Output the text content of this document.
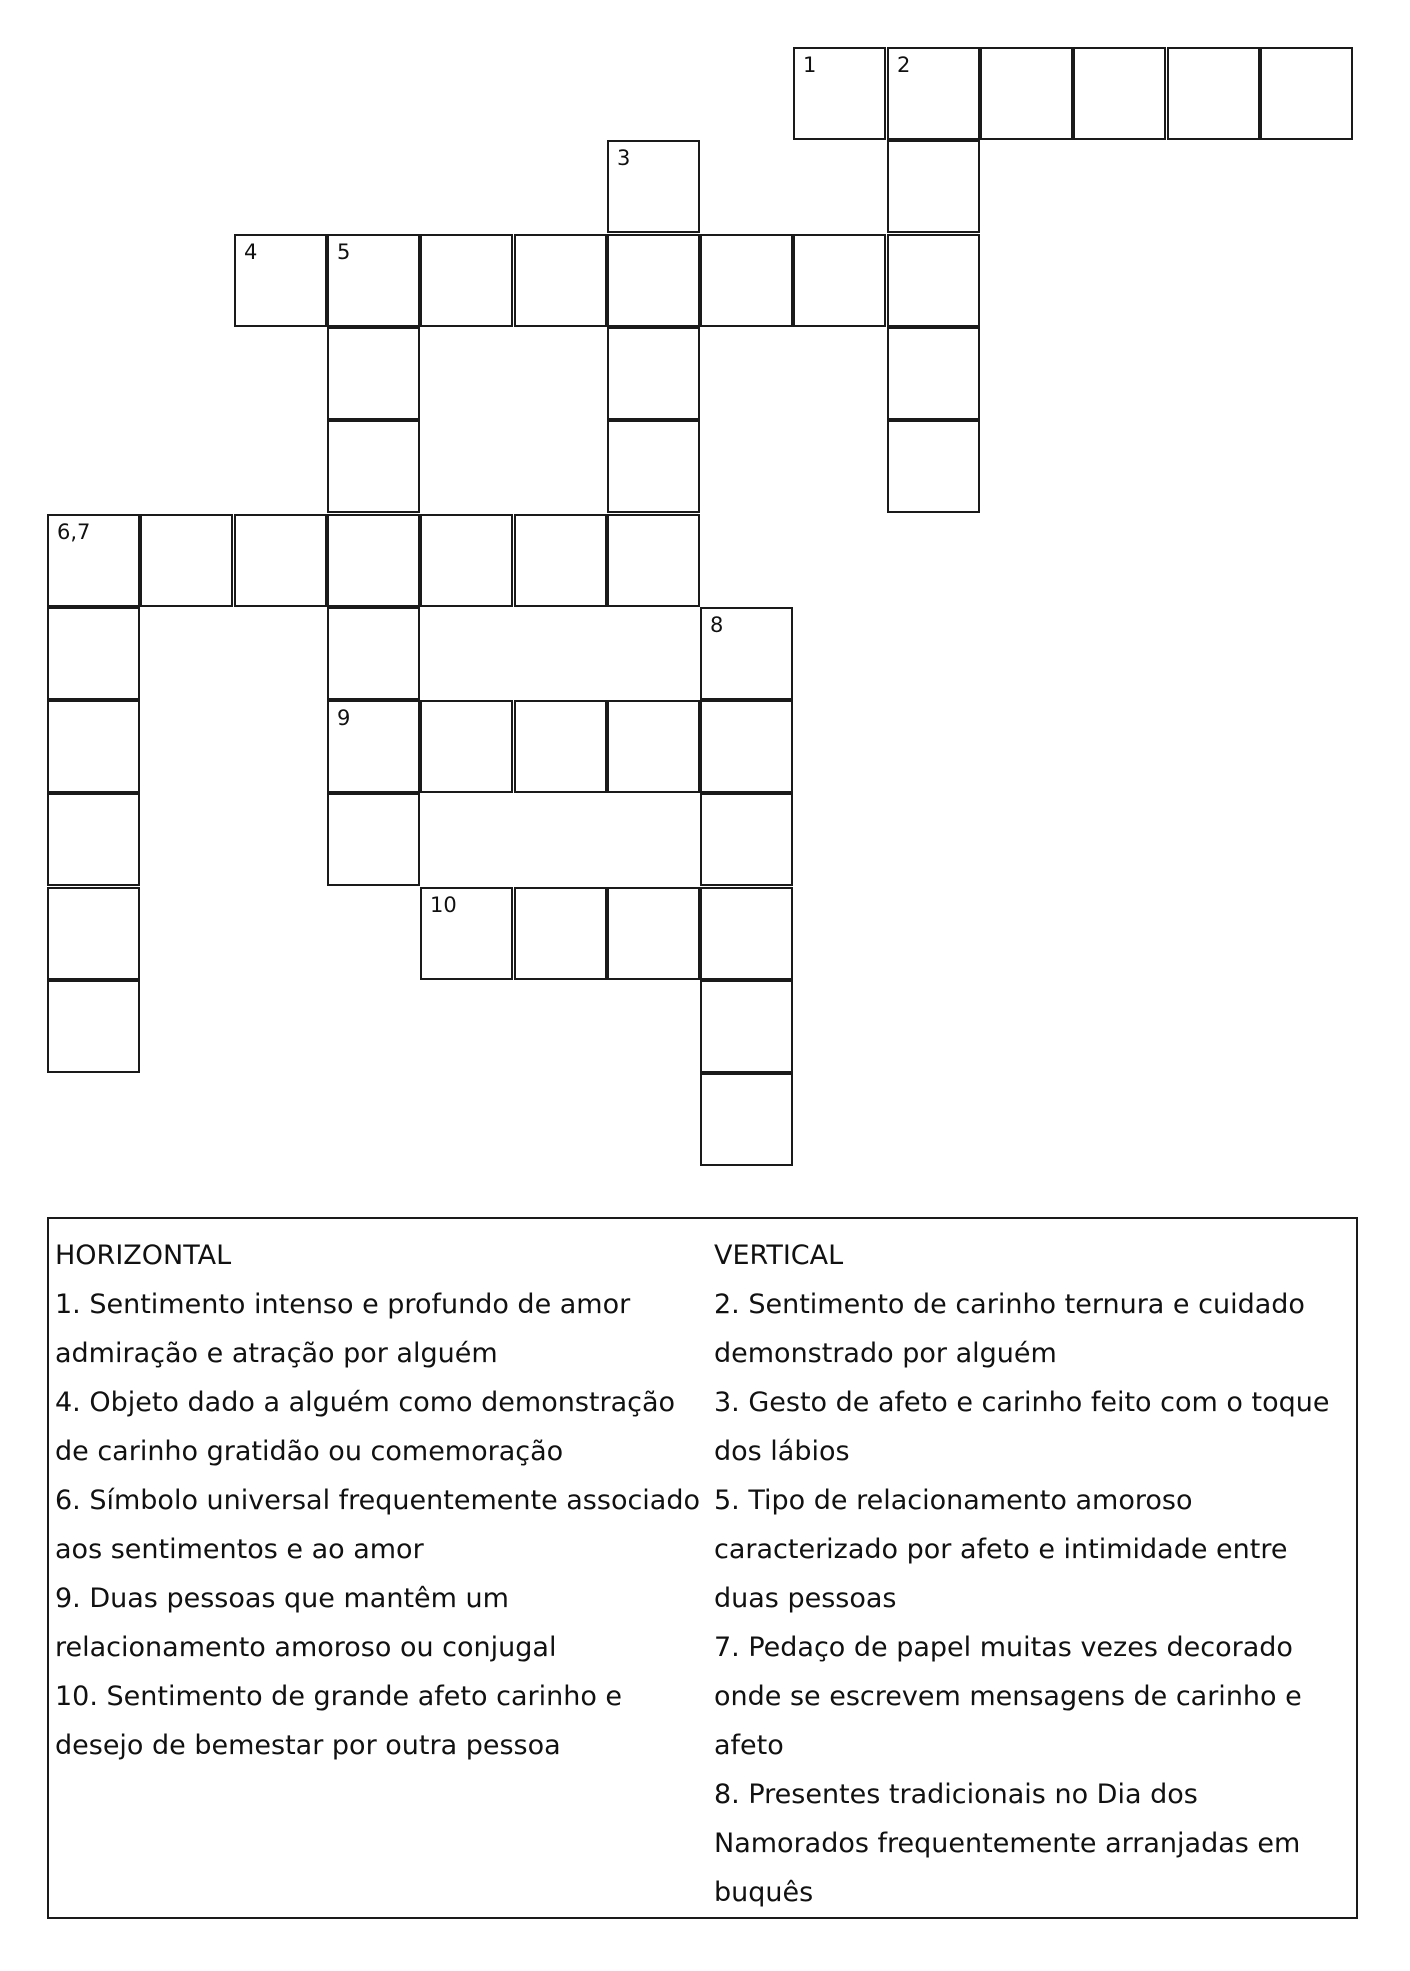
1	2
3
4	5
6,7
8
9
10
HORIZONTAL
1. Sentimento intenso e profundo de amor admiração e atração por alguém
4. Objeto dado a alguém como demonstração de carinho gratidão ou comemoração
6. Símbolo universal frequentemente associado aos sentimentos e ao amor
9. Duas pessoas que mantêm um relacionamento amoroso ou conjugal
10. Sentimento de grande afeto carinho e desejo de bemestar por outra pessoa
VERTICAL
2. Sentimento de carinho ternura e cuidado demonstrado por alguém
3. Gesto de afeto e carinho feito com o toque dos lábios
5. Tipo de relacionamento amoroso caracterizado por afeto e intimidade entre duas pessoas
7. Pedaço de papel muitas vezes decorado onde se escrevem mensagens de carinho e afeto
8. Presentes tradicionais no Dia dos Namorados frequentemente arranjadas em buquês
